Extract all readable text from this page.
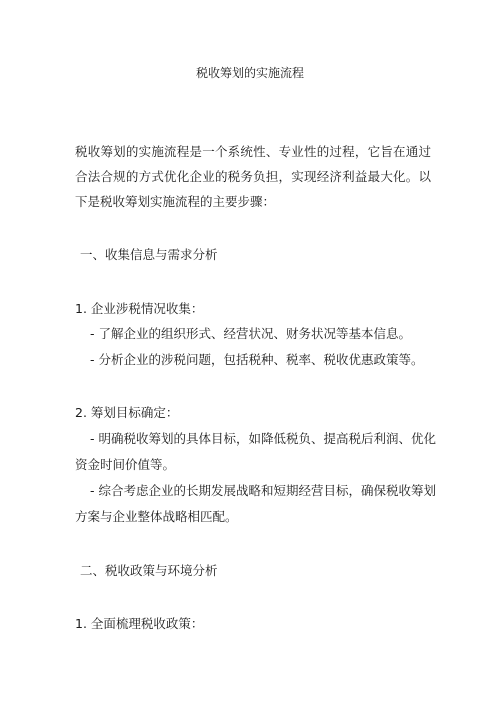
税收筹划的实施流程

税收筹划的实施流程是一个系统性、专业性的过程，它旨在通过合法合规的方式优化企业的税务负担，实现经济利益最大化。以下是税收筹划实施流程的主要步骤：

一、收集信息与需求分析
1. 企业涉税情况收集：
- 了解企业的组织形式、经营状况、财务状况等基本信息。
- 分析企业的涉税问题，包括税种、税率、税收优惠政策等。
2. 筹划目标确定：
- 明确税收筹划的具体目标，如降低税负、提高税后利润、优化
资金时间价值等。
- 综合考虑企业的长期发展战略和短期经营目标，确保税收筹划
方案与企业整体战略相匹配。
二、税收政策与环境分析
1. 全面梳理税收政策：
